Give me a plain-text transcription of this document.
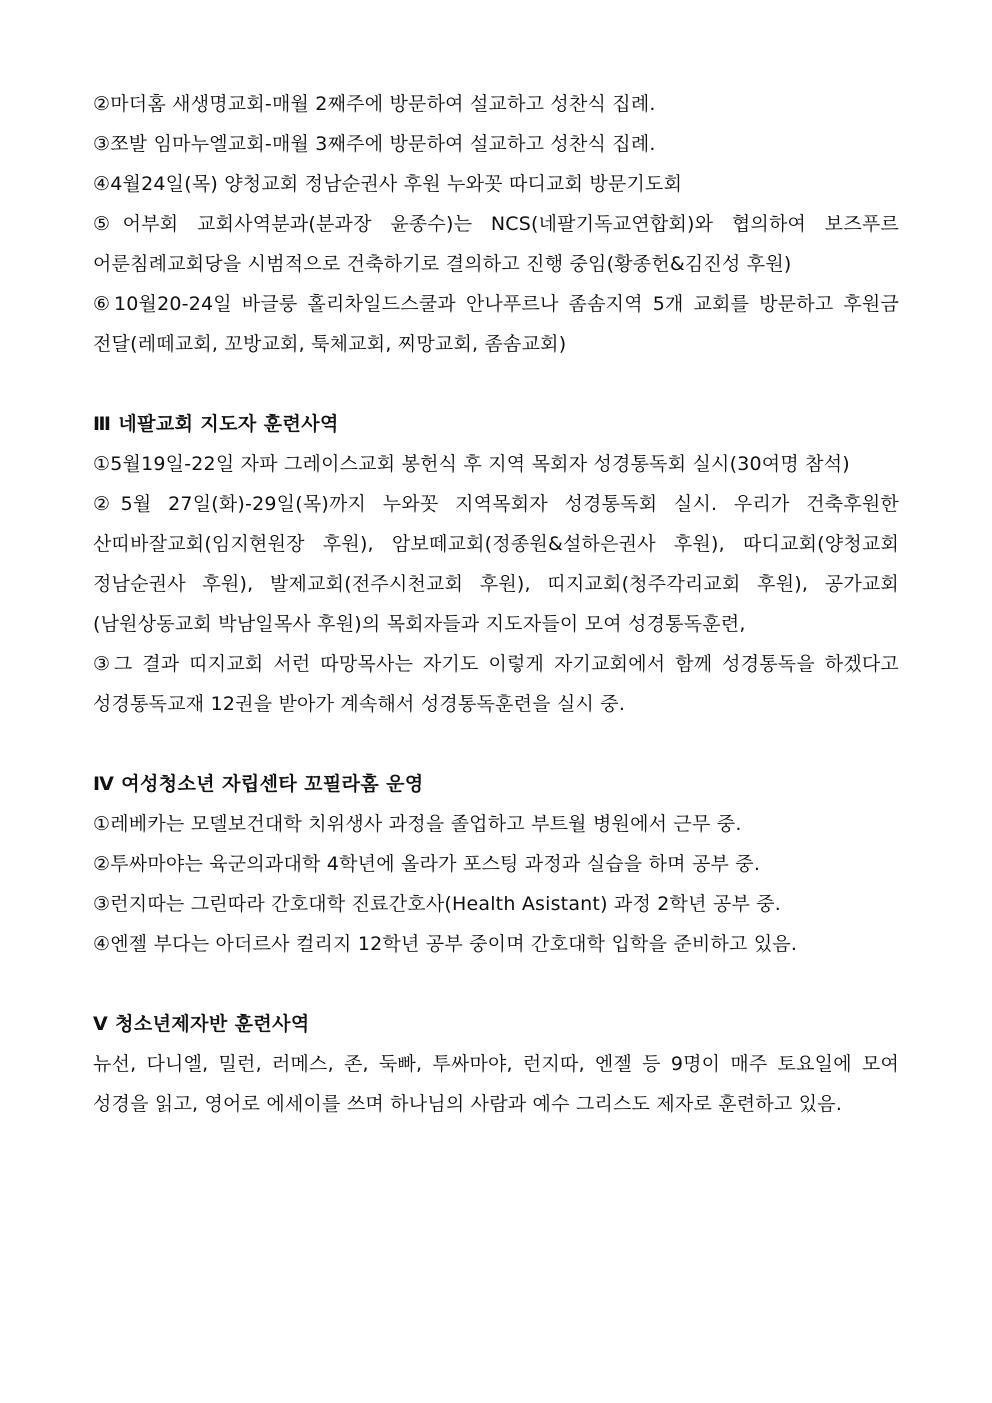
②마더홈 새생명교회-매월 2째주에 방문하여 설교하고 성찬식 집례.

③쪼발 임마누엘교회-매월 3째주에 방문하여 설교하고 성찬식 집례.

④4월24일(목) 양청교회 정남순권사 후원 누와꼿 따디교회 방문기도회

⑤어부회 교회사역분과(분과장 윤종수)는 NCS(네팔기독교연합회)와 협의하여 보즈푸르 어룬침례교회당을 시범적으로 건축하기로 결의하고 진행 중임(황종헌&김진성 후원)

⑥10월20-24일 바글룽 홀리차일드스쿨과 안나푸르나 좀솜지역 5개 교회를 방문하고 후원금 전달(레떼교회, 꼬방교회, 툭체교회, 찌망교회, 좀솜교회)

Ⅲ 네팔교회 지도자 훈련사역

①5월19일-22일 자파 그레이스교회 봉헌식 후 지역 목회자 성경통독회 실시(30여명 참석)

②5월 27일(화)-29일(목)까지 누와꼿 지역목회자 성경통독회 실시. 우리가 건축후원한 산띠바잘교회(임지현원장 후원), 암보떼교회(정종원&설하은권사 후원), 따디교회(양청교회 정남순권사 후원), 발제교회(전주시천교회 후원), 띠지교회(청주각리교회 후원), 공가교회(남원상동교회 박남일목사 후원)의 목회자들과 지도자들이 모여 성경통독훈련,

③그 결과 띠지교회 서런 따망목사는 자기도 이렇게 자기교회에서 함께 성경통독을 하겠다고 성경통독교재 12권을 받아가 계속해서 성경통독훈련을 실시 중.

Ⅳ 여성청소년 자립센타 꼬필라홈 운영

①레베카는 모델보건대학 치위생사 과정을 졸업하고 부트월 병원에서 근무 중.

②투싸마야는 육군의과대학 4학년에 올라가 포스팅 과정과 실습을 하며 공부 중.

③런지따는 그린따라 간호대학 진료간호사(Health Asistant) 과정 2학년 공부 중.

④엔젤 부다는 아더르사 컬리지 12학년 공부 중이며 간호대학 입학을 준비하고 있음.

Ⅴ 청소년제자반 훈련사역

뉴선, 다니엘, 밀런, 러메스, 존, 둑빠, 투싸마야, 런지따, 엔젤 등 9명이 매주 토요일에 모여 성경을 읽고, 영어로 에세이를 쓰며 하나님의 사람과 예수 그리스도 제자로 훈련하고 있음.
